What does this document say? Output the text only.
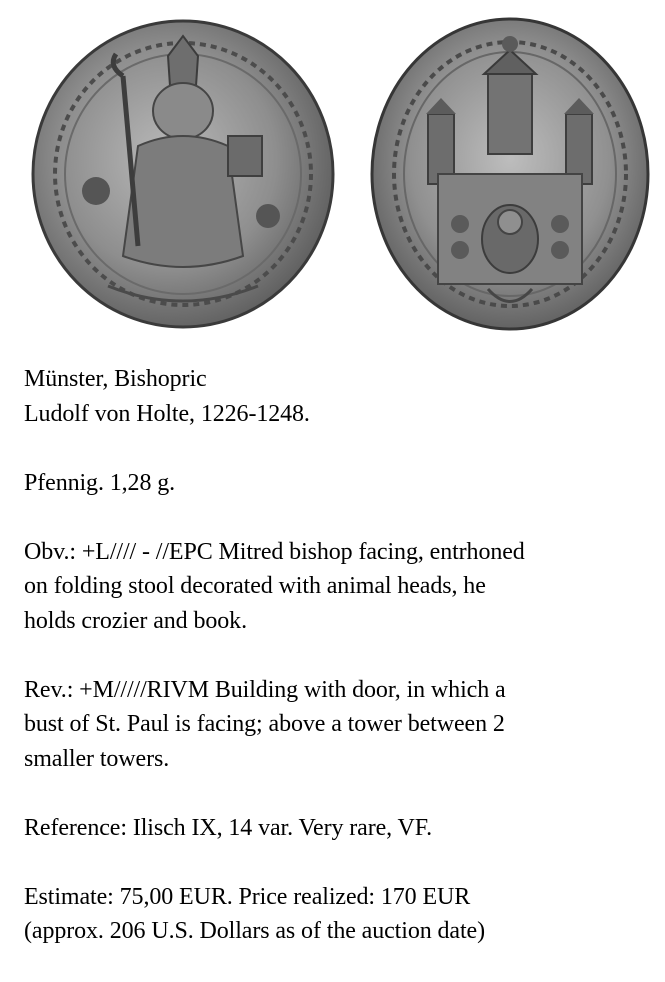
Münster, Bishopric
Ludolf von Holte, 1226-1248.
Pfennig. 1,28 g.
Obv.: +L//// - //EPC Mitred bishop facing, entrhoned
on folding stool decorated with animal heads, he
holds crozier and book.
Rev.: +M/////RIVM Building with door, in which a
bust of St. Paul is facing; above a tower between 2
smaller towers.
Reference: Ilisch IX, 14 var. Very rare, VF.
Estimate: 75,00 EUR. Price realized: 170 EUR
(approx. 206 U.S. Dollars as of the auction date)
